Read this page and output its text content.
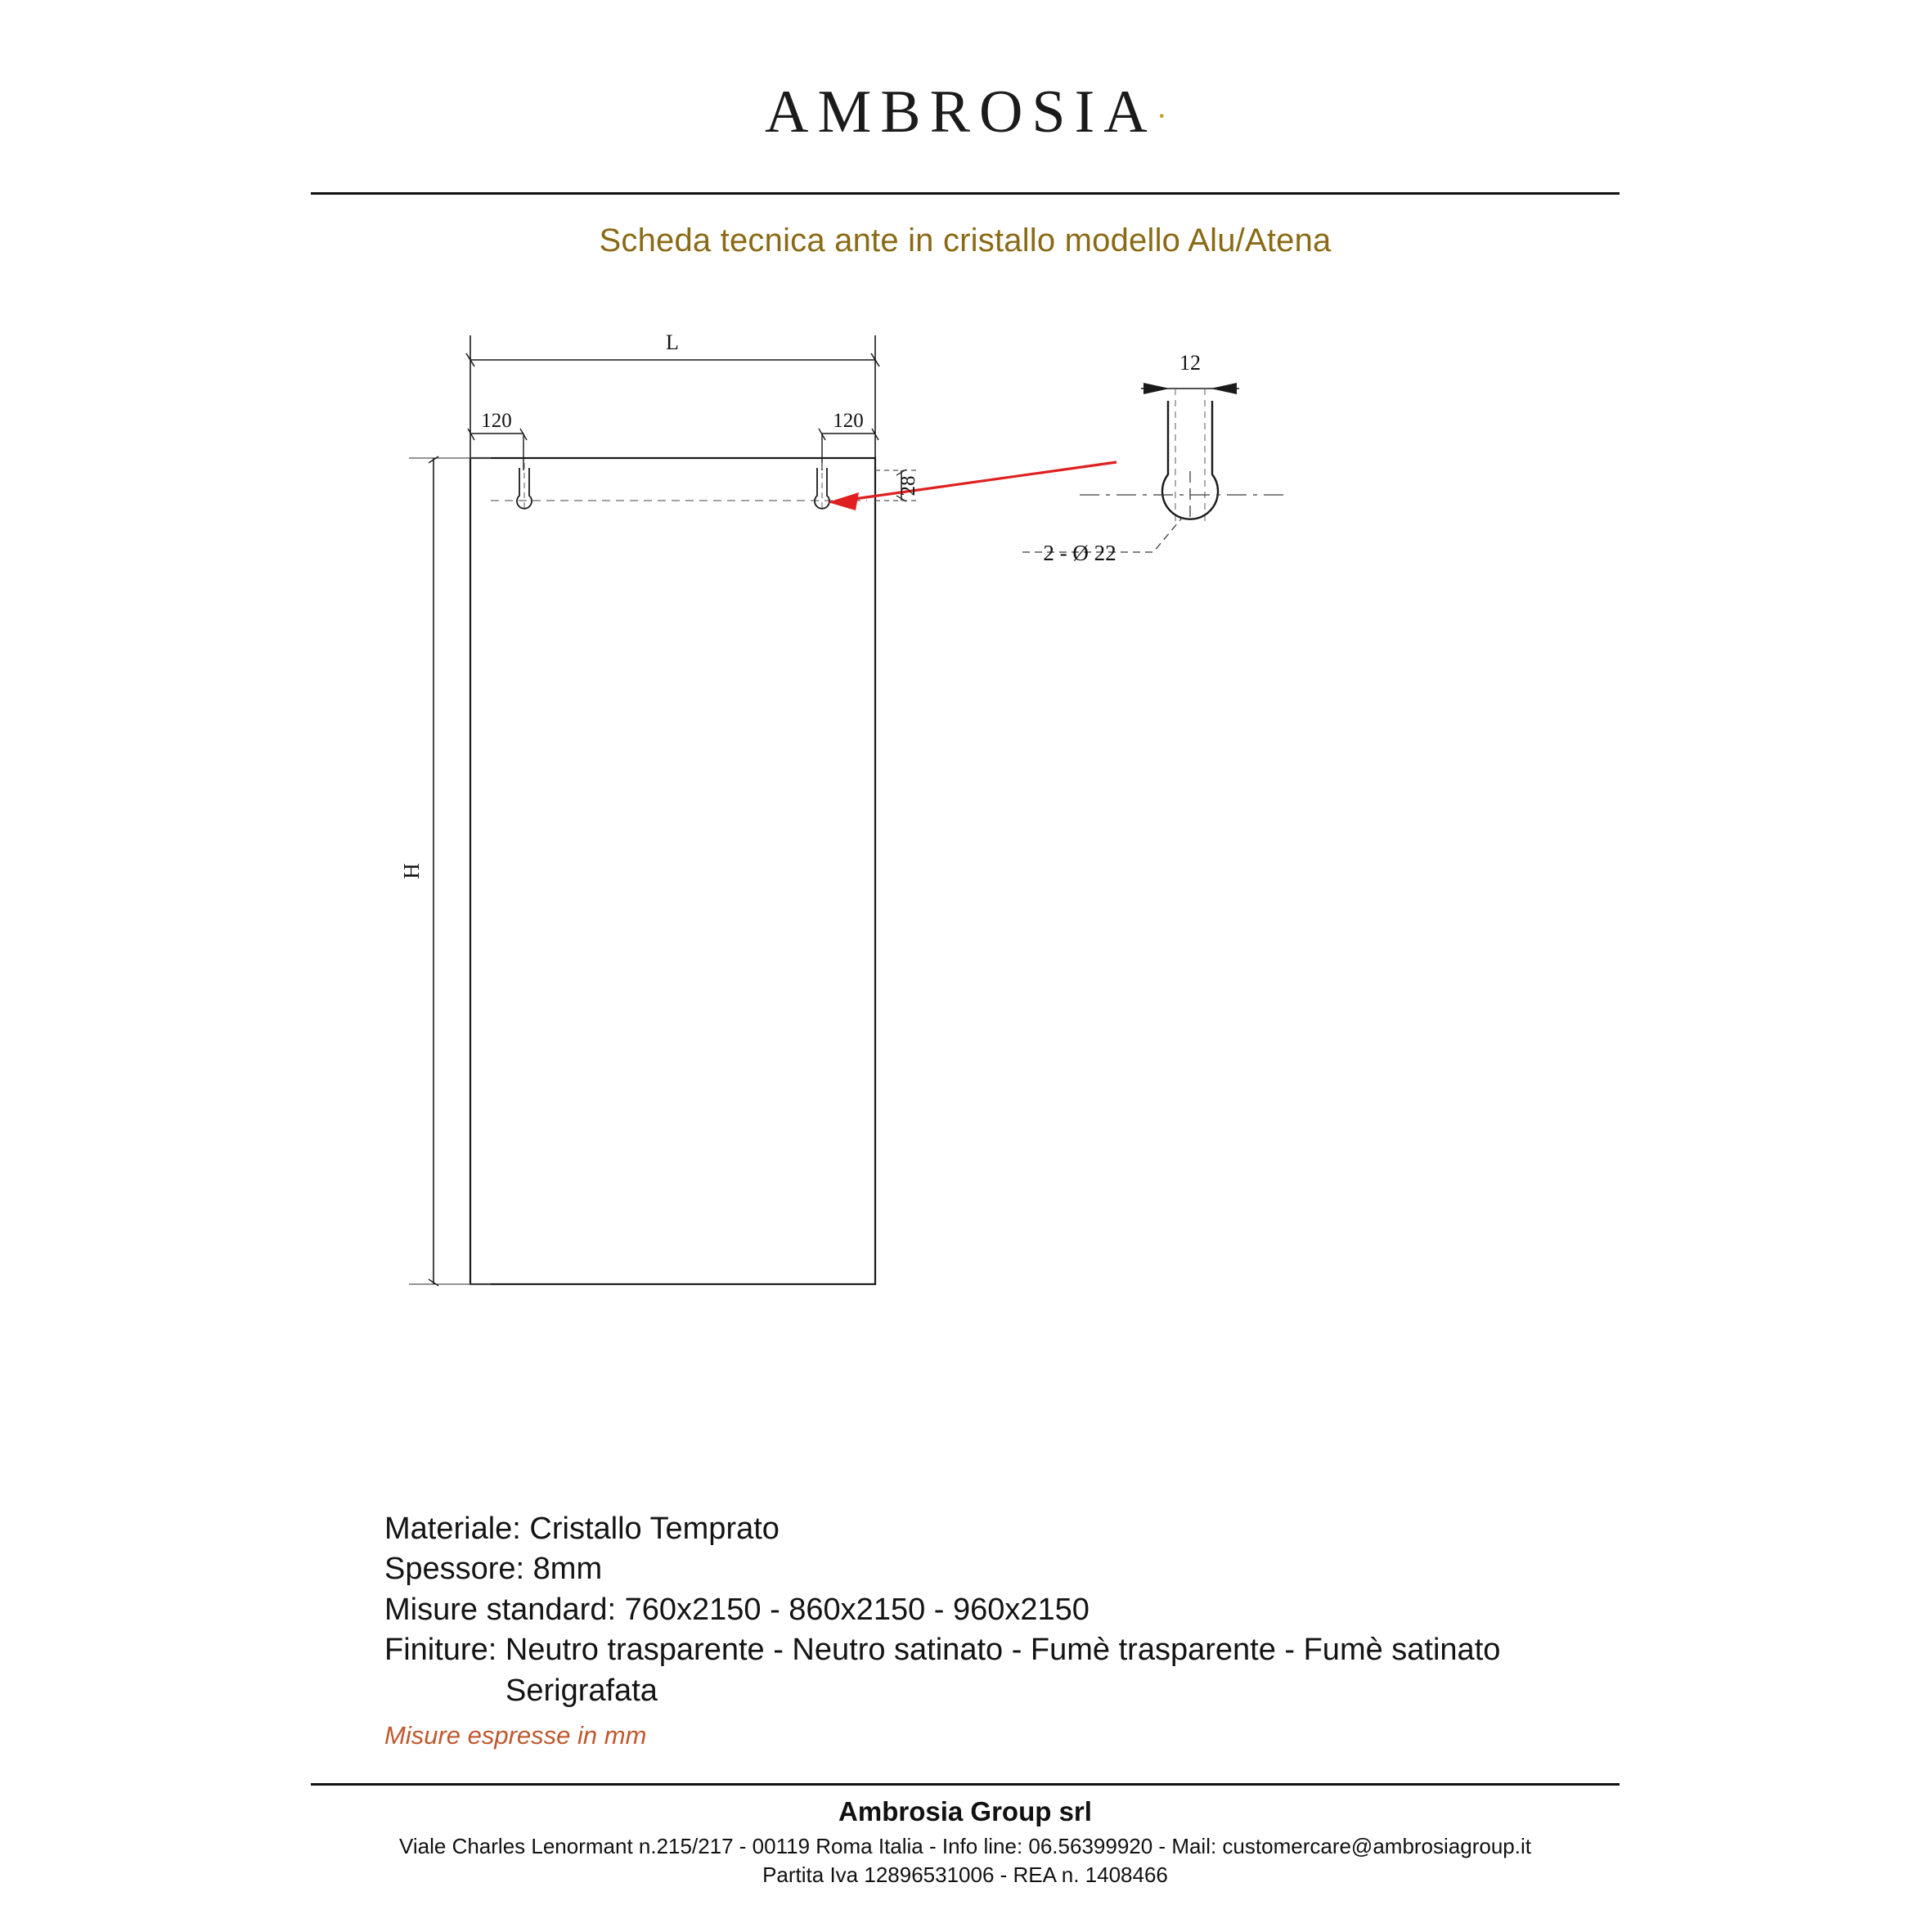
AMBROSIA·
Scheda tecnica ante in cristallo modello Alu/Atena
L
120	120
28
H
12
2 - Ø 22
Materiale: Cristallo Temprato
Spessore: 8mm
Misure standard: 760x2150 - 860x2150 - 960x2150
Finiture: Neutro trasparente - Neutro satinato - Fumè trasparente - Fumè satinato
Serigrafata
Misure espresse in mm
Ambrosia Group srl
Viale Charles Lenormant n.215/217 - 00119 Roma Italia - Info line: 06.56399920 - Mail: customercare@ambrosiagroup.it
Partita Iva 12896531006 - REA n. 1408466
